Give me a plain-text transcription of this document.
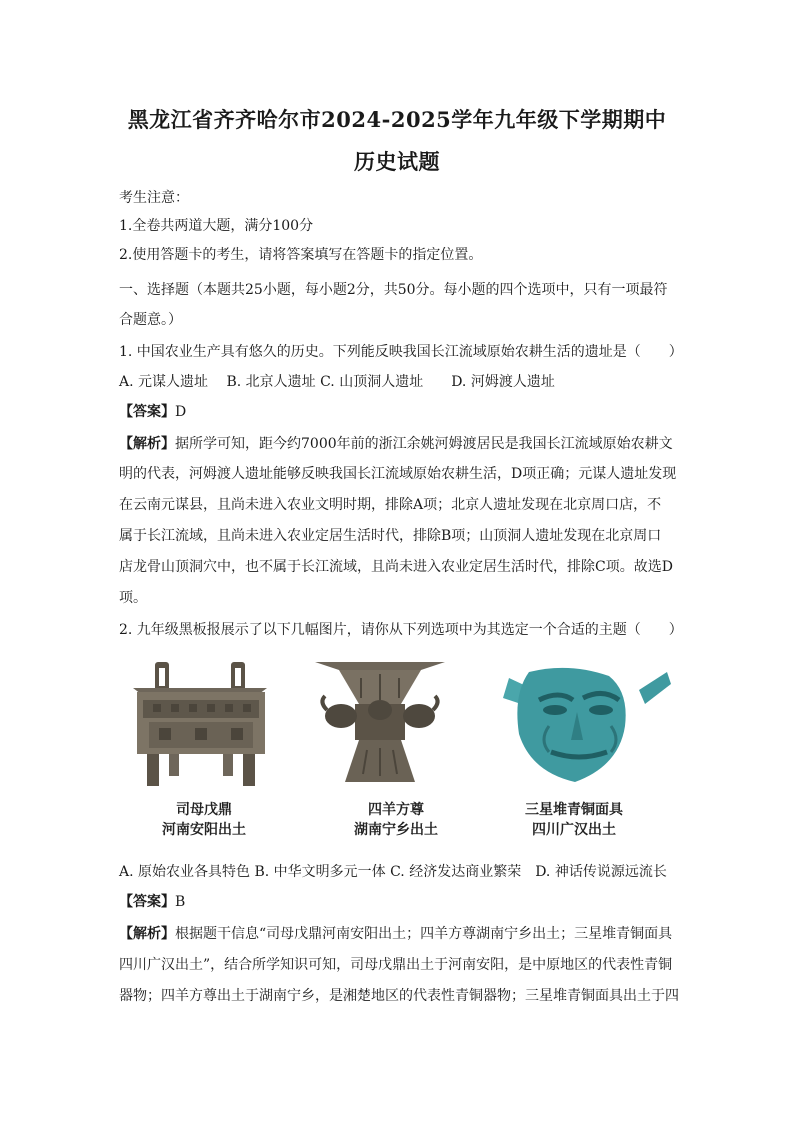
黑龙江省齐齐哈尔市2024-2025学年九年级下学期期中
历史试题
考生注意：
1.全卷共两道大题，满分100分
2.使用答题卡的考生，请将答案填写在答题卡的指定位置。
一、选择题（本题共25小题，每小题2分，共50分。每小题的四个选项中，只有一项最符
合题意。）
1. 中国农业生产具有悠久的历史。下列能反映我国长江流域原始农耕生活的遗址是（　　）
A. 元谋人遗址　 B. 北京人遗址 C. 山顶洞人遗址　　D. 河姆渡人遗址
【答案】D
【解析】据所学可知，距今约7000年前的浙江余姚河姆渡居民是我国长江流域原始农耕文
明的代表，河姆渡人遗址能够反映我国长江流域原始农耕生活，D项正确；元谋人遗址发现
在云南元谋县，且尚未进入农业文明时期，排除A项；北京人遗址发现在北京周口店，不
属于长江流域，且尚未进入农业定居生活时代，排除B项；山顶洞人遗址发现在北京周口
店龙骨山顶洞穴中，也不属于长江流域，且尚未进入农业定居生活时代，排除C项。故选D
项。
2. 九年级黑板报展示了以下几幅图片，请你从下列选项中为其选定一个合适的主题（　　）
司母戊鼎
河南安阳出土
四羊方尊
湖南宁乡出土
三星堆青铜面具
四川广汉出土
A. 原始农业各具特色 B. 中华文明多元一体 C. 经济发达商业繁荣　D. 神话传说源远流长
【答案】B
【解析】根据题干信息“司母戊鼎河南安阳出土；四羊方尊湖南宁乡出土；三星堆青铜面具
四川广汉出土”，结合所学知识可知，司母戊鼎出土于河南安阳，是中原地区的代表性青铜
器物；四羊方尊出土于湖南宁乡，是湘楚地区的代表性青铜器物；三星堆青铜面具出土于四
